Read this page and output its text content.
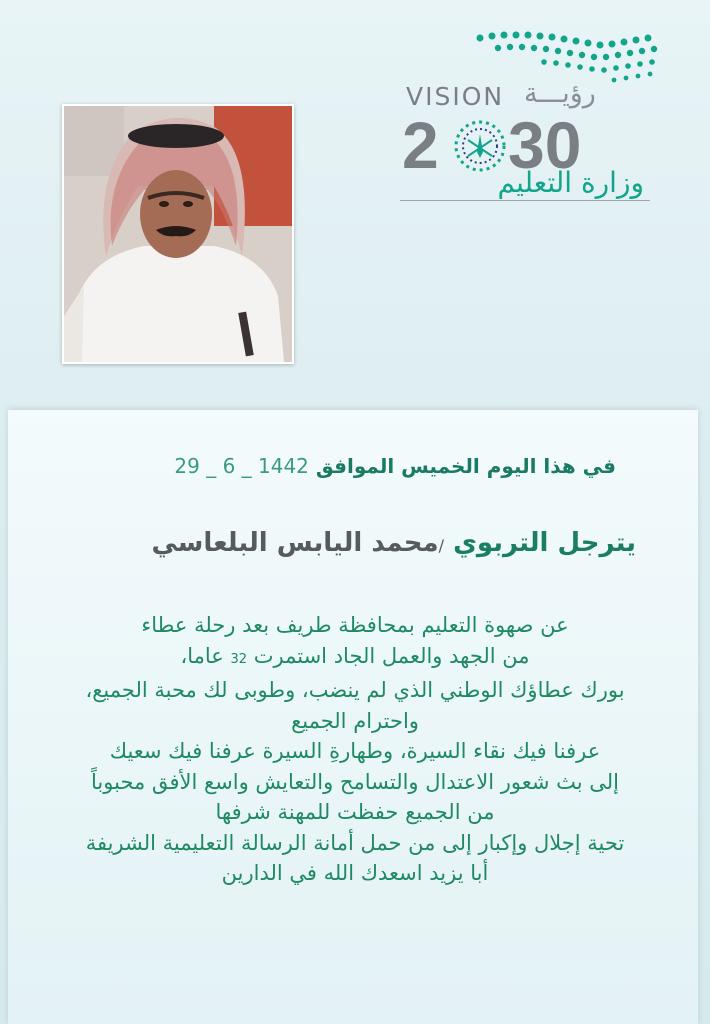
VISION رؤيـــة
2 30
وزارة التعليم
في هذا اليوم الخميس الموافق 29 _ 6 _ 1442
يترجل التربوي /محمد اليابس البلعاسي
عن صهوة التعليم بمحافظة طريف بعد رحلة عطاء
من الجهد والعمل الجاد استمرت 32 عاما،
بورك عطاؤك الوطني الذي لم ينضب، وطوبى لك محبة الجميع،
واحترام الجميع
عرفنا فيك نقاء السيرة، وطهارةِ السيرة عرفنا فيك سعيك
إلى بث شعور الاعتدال والتسامح والتعايش واسع الأفق محبوباً
من الجميع حفظت للمهنة شرفها
تحية إجلال وإكبار إلى من حمل أمانة الرسالة التعليمية الشريفة
أبا يزيد اسعدك الله في الدارين
